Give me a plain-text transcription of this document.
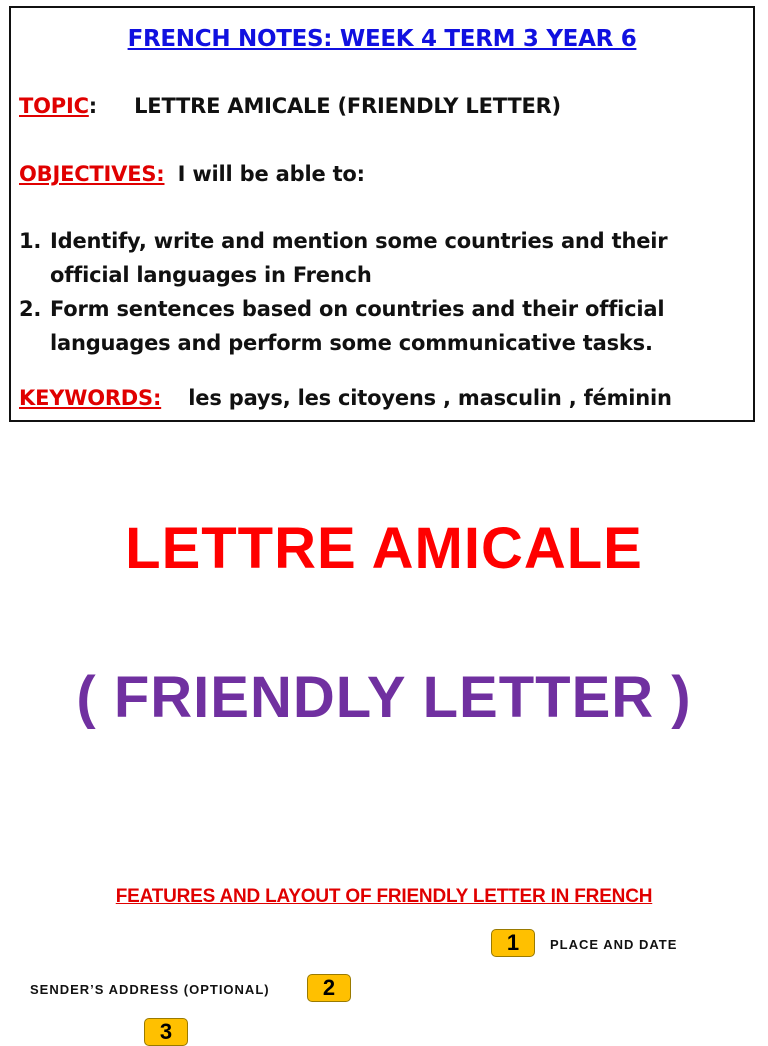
FRENCH NOTES: WEEK 4 TERM 3 YEAR 6
TOPIC: LETTRE AMICALE (FRIENDLY LETTER)
OBJECTIVES: I will be able to:
1. Identify, write and mention some countries and their official languages in French
2. Form sentences based on countries and their official languages and perform some communicative tasks.
KEYWORDS: les pays, les citoyens , masculin , féminin
LETTRE AMICALE
( FRIENDLY LETTER )
FEATURES AND LAYOUT OF FRIENDLY LETTER IN FRENCH
1	PLACE AND DATE
SENDER’S ADDRESS (OPTIONAL)	2
3
